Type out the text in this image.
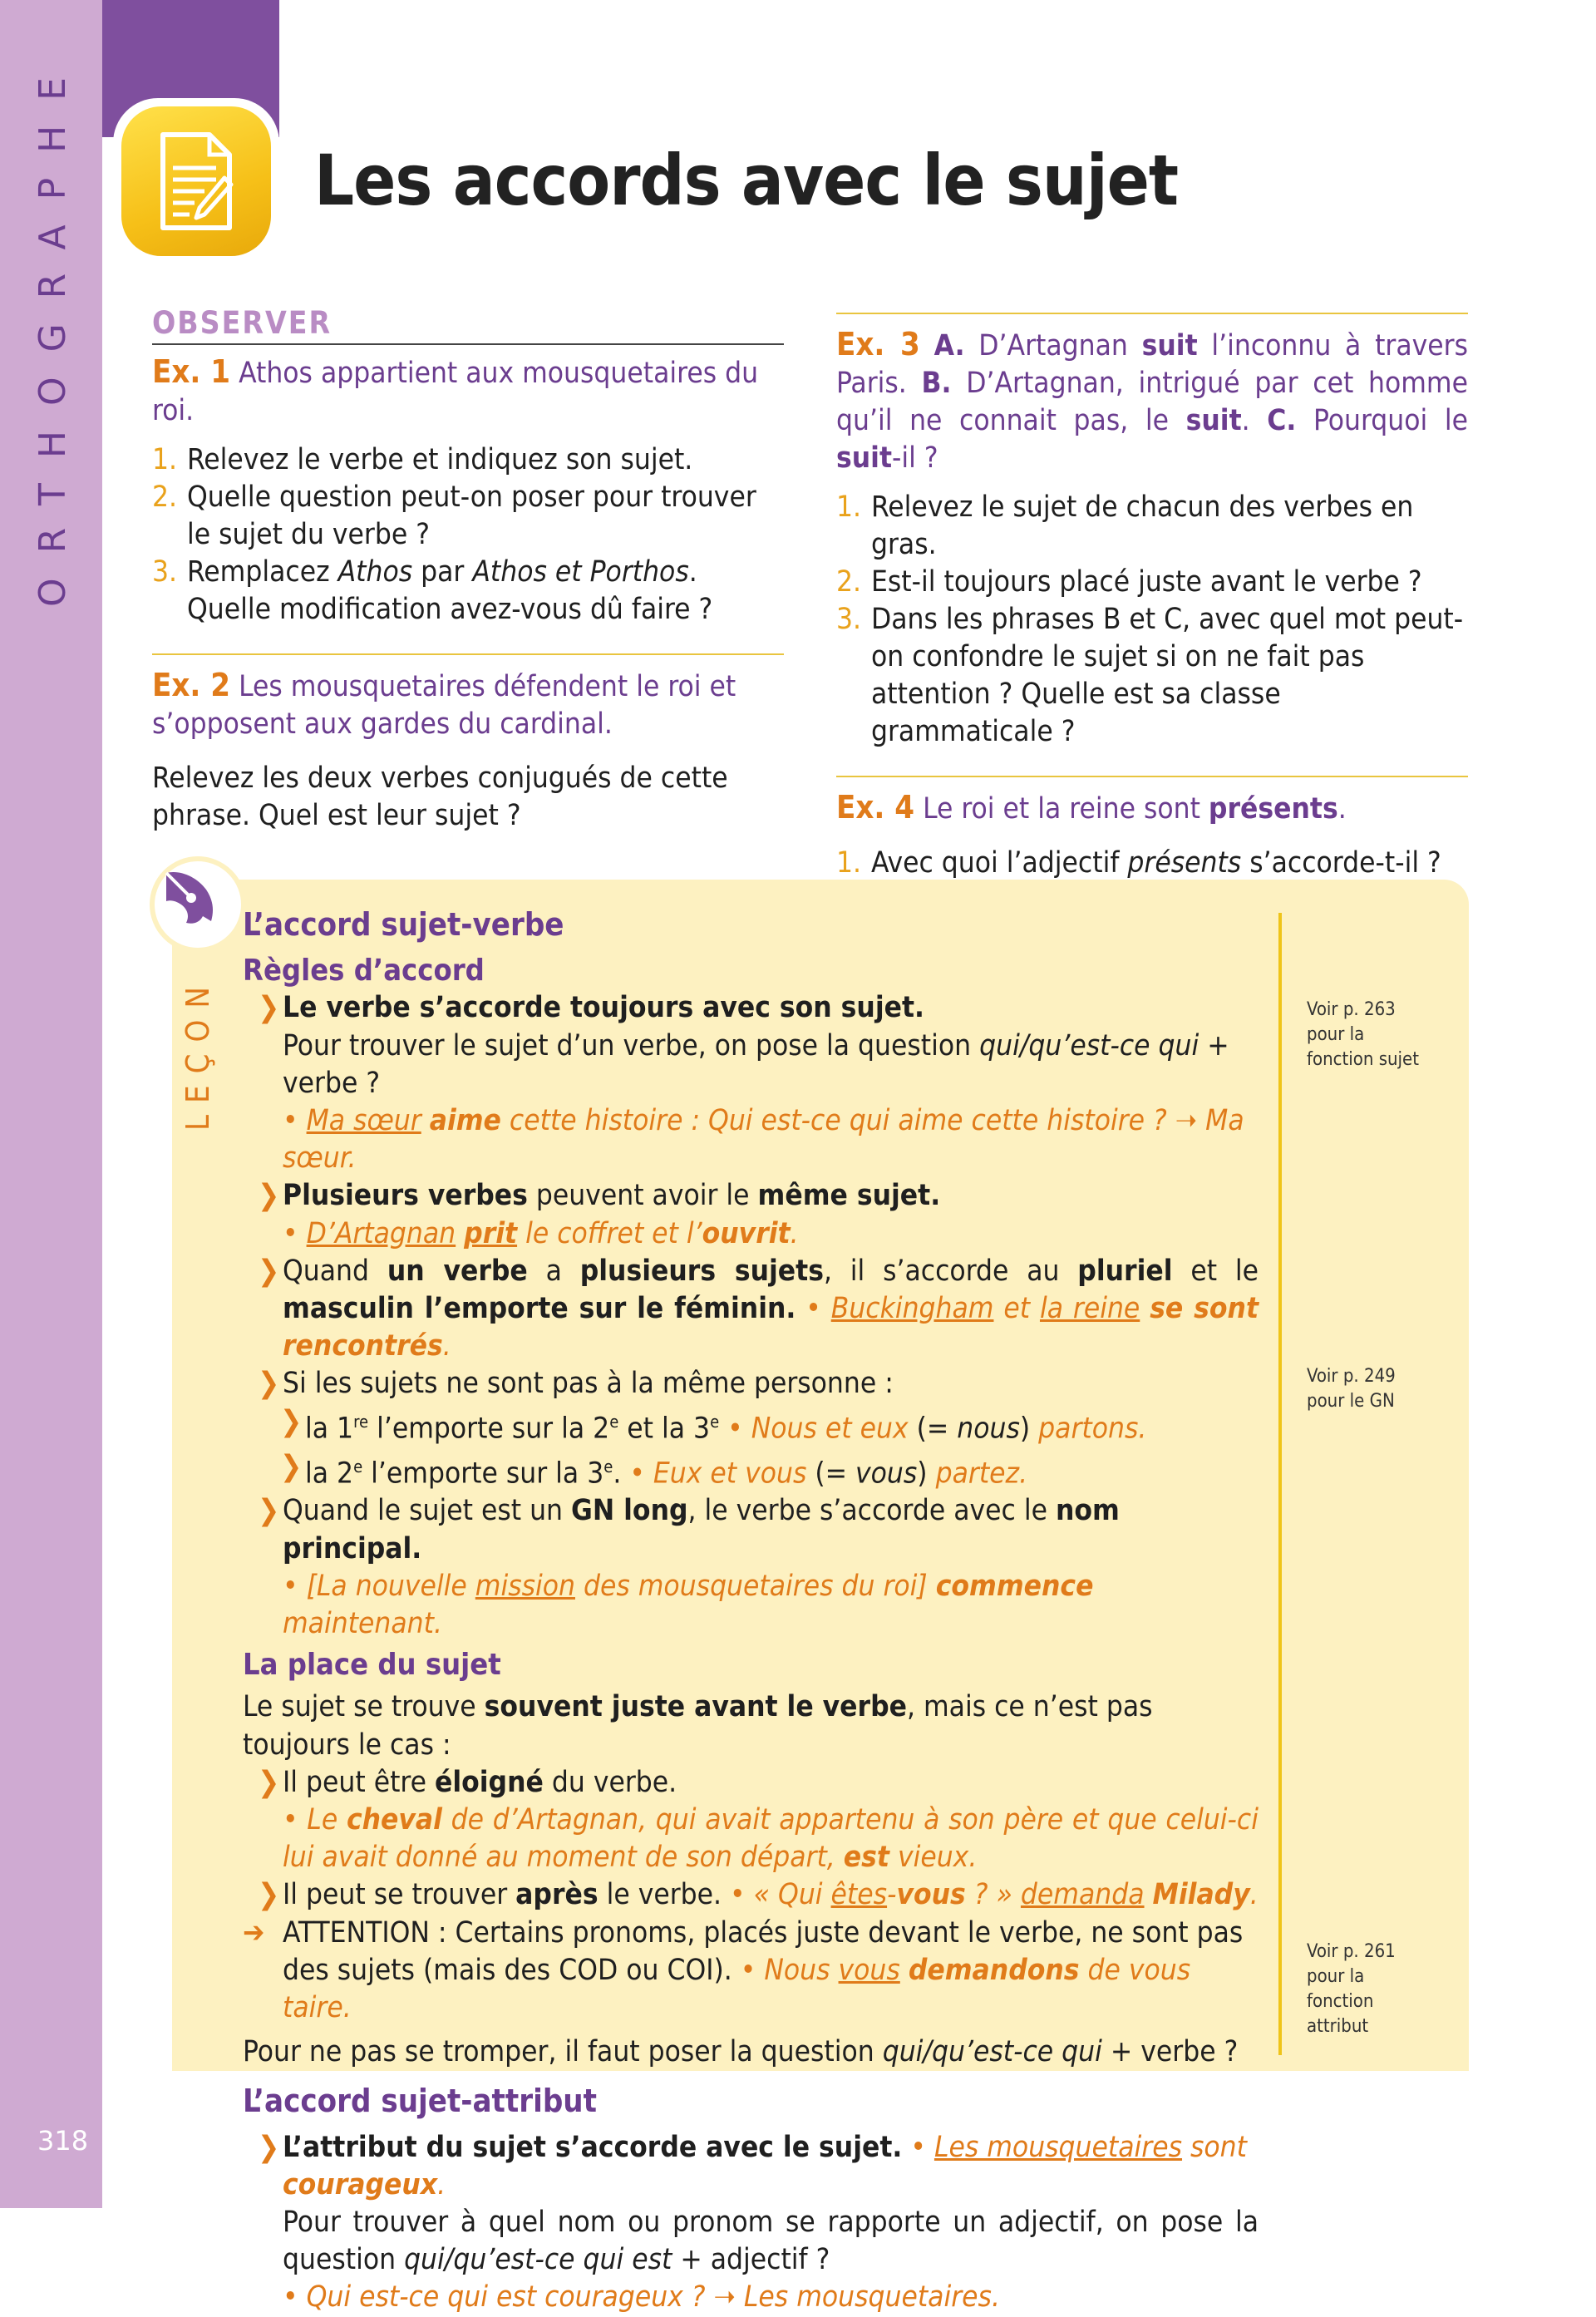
ORTHOGRAPHE
318
Les accords avec le sujet
OBSERVER

Ex. 1 Athos appartient aux mousquetaires du roi.

1. Relevez le verbe et indiquez son sujet.
2. Quelle question peut-on poser pour trouver le sujet du verbe ?
3. Remplacez Athos par Athos et Porthos. Quelle modification avez-vous dû faire ?

Ex. 2 Les mousquetaires défendent le roi et s’opposent aux gardes du cardinal.

Relevez les deux verbes conjugués de cette phrase. Quel est leur sujet ?

Ex. 3 A. D’Artagnan suit l’inconnu à travers Paris. B. D’Artagnan, intrigué par cet homme qu’il ne connait pas, le suit. C. Pourquoi le suit-il ?

1. Relevez le sujet de chacun des verbes en gras.
2. Est-il toujours placé juste avant le verbe ?
3. Dans les phrases B et C, avec quel mot peut-on confondre le sujet si on ne fait pas attention ? Quelle est sa classe grammaticale ?

Ex. 4 Le roi et la reine sont présents.

1. Avec quoi l’adjectif présents s’accorde-t-il ?
LEÇON
L’accord sujet-verbe
Règles d’accord
❯ Le verbe s’accorde toujours avec son sujet.
Pour trouver le sujet d’un verbe, on pose la question qui/qu’est-ce qui + verbe ?
• Ma sœur aime cette histoire : Qui est-ce qui aime cette histoire ? ➝ Ma sœur.
❯ Plusieurs verbes peuvent avoir le même sujet.
• D’Artagnan prit le coffret et l’ouvrit.
❯ Quand un verbe a plusieurs sujets, il s’accorde au pluriel et le masculin l’emporte sur le féminin. • Buckingham et la reine se sont rencontrés.
❯ Si les sujets ne sont pas à la même personne :
❯ la 1re l’emporte sur la 2e et la 3e • Nous et eux (= nous) partons.
❯ la 2e l’emporte sur la 3e. • Eux et vous (= vous) partez.
❯ Quand le sujet est un GN long, le verbe s’accorde avec le nom principal.
• [La nouvelle mission des mousquetaires du roi] commence maintenant.
La place du sujet
Le sujet se trouve souvent juste avant le verbe, mais ce n’est pas toujours le cas :
❯ Il peut être éloigné du verbe.
• Le cheval de d’Artagnan, qui avait appartenu à son père et que celui-ci lui avait donné au moment de son départ, est vieux.
❯ Il peut se trouver après le verbe. • « Qui êtes-vous ? » demanda Milady.
➔ ATTENTION : Certains pronoms, placés juste devant le verbe, ne sont pas des sujets (mais des COD ou COI). • Nous vous demandons de vous taire.
Pour ne pas se tromper, il faut poser la question qui/qu’est-ce qui + verbe ?
L’accord sujet-attribut
❯ L’attribut du sujet s’accorde avec le sujet. • Les mousquetaires sont courageux.
Pour trouver à quel nom ou pronom se rapporte un adjectif, on pose la question qui/qu’est-ce qui est + adjectif ?
• Qui est-ce qui est courageux ? ➝ Les mousquetaires.
Voir p. 263
pour la
fonction sujet
Voir p. 249
pour le GN
Voir p. 261
pour la
fonction
attribut
